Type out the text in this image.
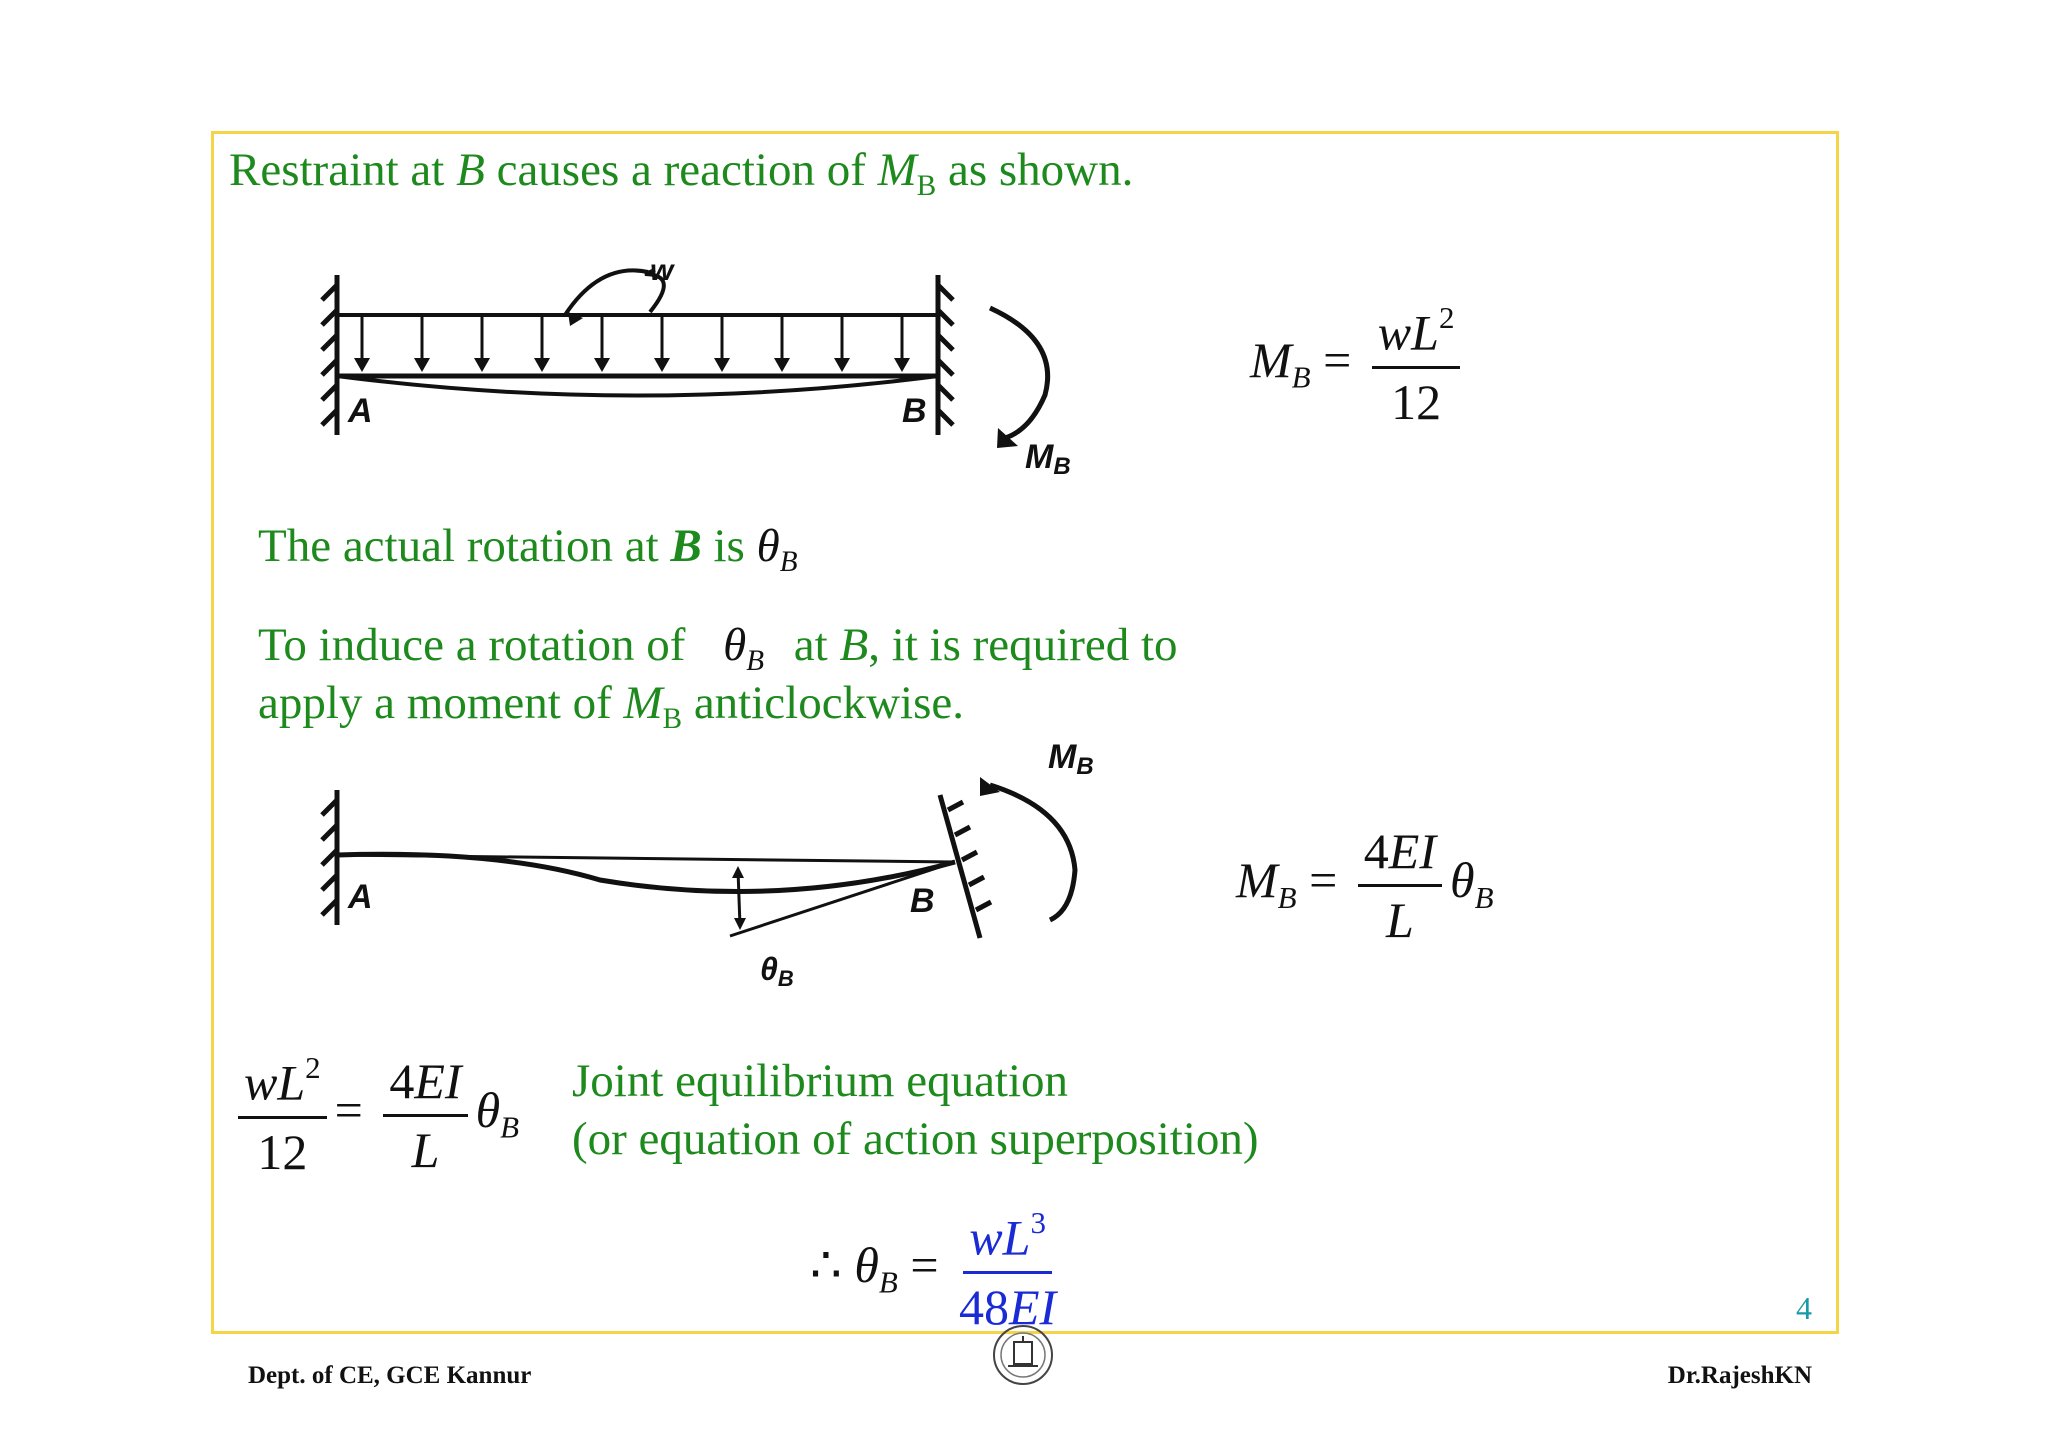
Restraint at B causes a reaction of $M_B$ as shown.
w
A	B
MB
$M_B = \frac{wL^2}{12}$
The actual rotation at B is $\theta_B$
To induce a rotation of $\theta_B$ at B, it is required to
apply a moment of $M_B$ anticlockwise.
A	B
MB
θB
$M_B = \frac{4EI}{L} \theta_B$
$\frac{wL^2}{12} = \frac{4EI}{L} \theta_B$
Joint equilibrium equation
(or equation of action superposition)
∴ $\theta_B = \frac{wL^3}{48EI}$	4
Dept. of CE, GCE Kannur	Dr.RajeshKN
